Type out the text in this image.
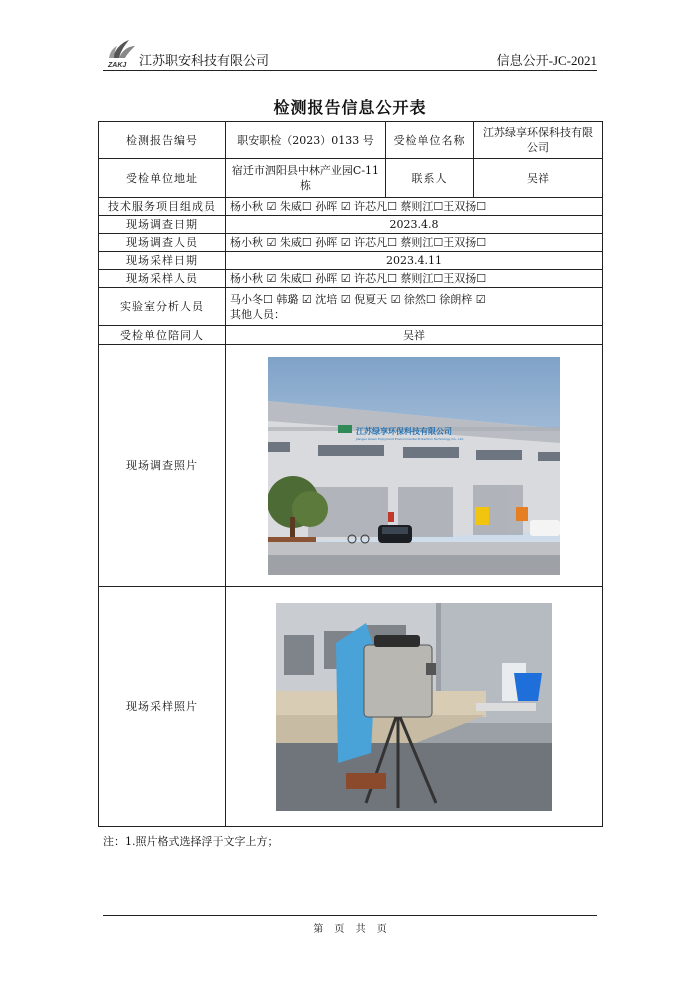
ZAKJ 江苏职安科技有限公司	信息公开-JC-2021
检测报告信息公开表
检测报告编号	职安职检（2023）0133 号	受检单位名称	江苏绿享环保科技有限公司
受检单位地址	宿迁市泗阳县中林产业园C-11 栋	联系人	吴祥
技术服务项目组成员	杨小秋 ☑ 朱威☐ 孙晖 ☑ 许芯凡☐ 蔡则江☐王双扬☐		
现场调查日期	2023.4.8		
现场调查人员	杨小秋 ☑ 朱威☐ 孙晖 ☑ 许芯凡☐ 蔡则江☐王双扬☐		
现场采样日期	2023.4.11		
现场采样人员	杨小秋 ☑ 朱威☐ 孙晖 ☑ 许芯凡☐ 蔡则江☐王双扬☐		
实验室分析人员	马小冬☐ 韩璐 ☑ 沈培 ☑ 倪夏天 ☑ 徐然☐ 徐朗梓 ☑
其他人员：		

受检单位陪同人	吴祥		
现场调查照片	江苏绿享环保科技有限公司
Jiangsu Green Enjoyment Environmental Protection Technology Co., Ltd.		

现场采样照片	
注：1.照片格式选择浮于文字上方；
第 页 共 页
